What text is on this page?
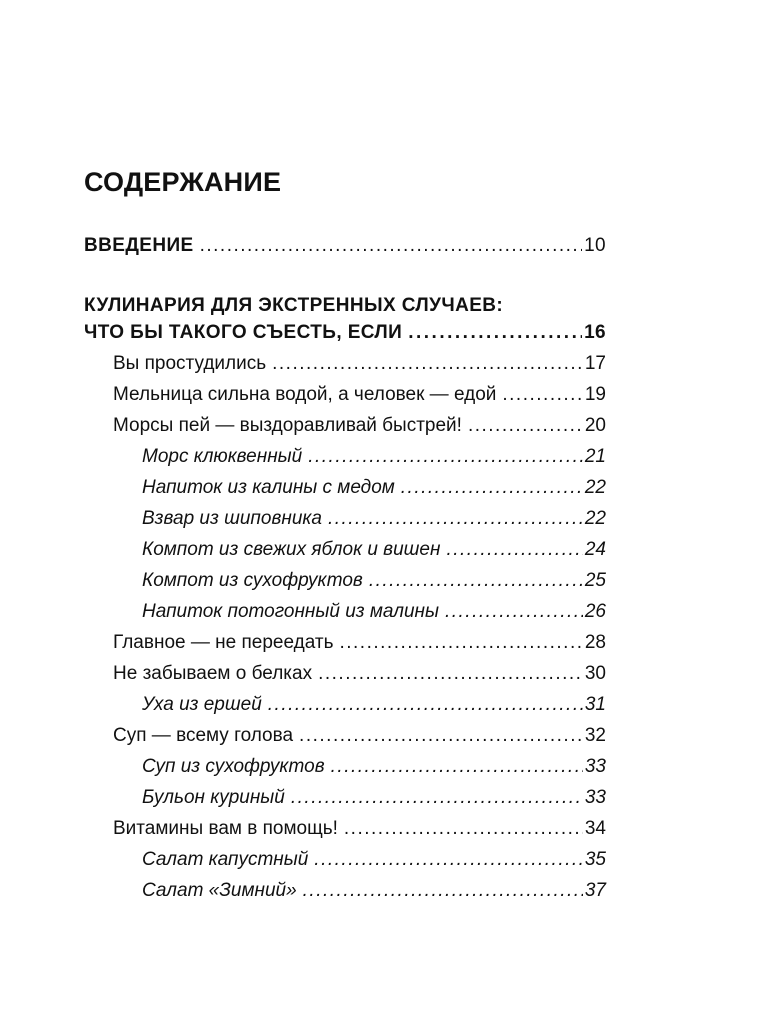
СОДЕРЖАНИЕ
ВВЕДЕНИЕ .....	10
КУЛИНАРИЯ ДЛЯ ЭКСТРЕННЫХ СЛУЧАЕВ:
ЧТО БЫ ТАКОГО СЪЕСТЬ, ЕСЛИ .....	16
Вы простудились .....	17
Мельница сильна водой, а человек — едой .....	19
Морсы пей — выздоравливай быстрей! .....	20
Морс клюквенный .....	21
Напиток из калины с медом .....	22
Взвар из шиповника .....	22
Компот из свежих яблок и вишен .....	24
Компот из сухофруктов .....	25
Напиток потогонный из малины .....	26
Главное — не переедать .....	28
Не забываем о белках .....	30
Уха из ершей .....	31
Суп — всему голова .....	32
Суп из сухофруктов .....	33
Бульон куриный .....	33
Витамины вам в помощь! .....	34
Салат капустный .....	35
Салат «Зимний» .....	37
